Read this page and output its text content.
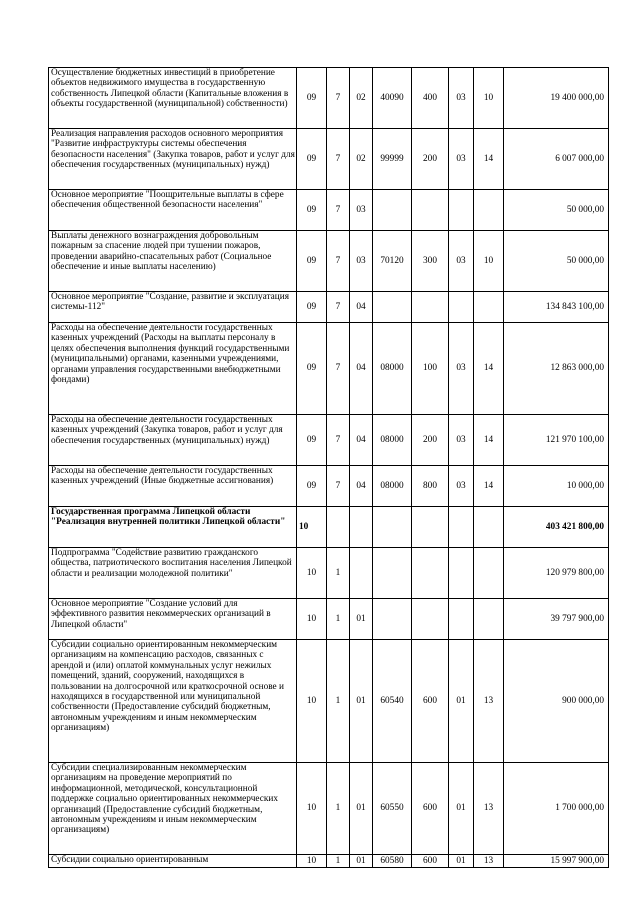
Осуществление бюджетных инвестиций в приобретение объектов недвижимого имущества в государственную собственность Липецкой области (Капитальные вложения в объекты государственной (муниципальной) собственности)	09	7	02	40090	400	03	10	19 400 000,00
Реализация направления расходов основного мероприятия "Развитие инфраструктуры системы обеспечения безопасности населения" (Закупка товаров, работ и услуг для обеспечения государственных (муниципальных) нужд)	09	7	02	99999	200	03	14	6 007 000,00
Основное мероприятие "Поощрительные выплаты в сфере обеспечения общественной безопасности населения"	09	7	03					50 000,00
Выплаты денежного вознаграждения добровольным пожарным за спасение людей при тушении пожаров, проведении аварийно-спасательных работ (Социальное обеспечение и иные выплаты населению)	09	7	03	70120	300	03	10	50 000,00
Основное мероприятие "Создание, развитие и эксплуатация системы-112"	09	7	04					134 843 100,00
Расходы на обеспечение деятельности государственных казенных учреждений (Расходы на выплаты персоналу в целях обеспечения выполнения функций государственными (муниципальными) органами, казенными учреждениями, органами управления государственными внебюджетными фондами)	09	7	04	08000	100	03	14	12 863 000,00
Расходы на обеспечение деятельности государственных казенных учреждений (Закупка товаров, работ и услуг для обеспечения государственных (муниципальных) нужд)	09	7	04	08000	200	03	14	121 970 100,00
Расходы на обеспечение деятельности государственных казенных учреждений (Иные бюджетные ассигнования)	09	7	04	08000	800	03	14	10 000,00
Государственная программа Липецкой области "Реализация внутренней политики Липецкой области"	10							403 421 800,00
Подпрограмма "Содействие развитию гражданского общества, патриотического воспитания населения Липецкой области и реализации молодежной политики"	10	1						120 979 800,00
Основное мероприятие "Создание условий для эффективного развития некоммерческих организаций в Липецкой области"	10	1	01					39 797 900,00
Субсидии социально ориентированным некоммерческим организациям на компенсацию расходов, связанных с арендой и (или) оплатой коммунальных услуг нежилых помещений, зданий, сооружений, находящихся в пользовании на долгосрочной или краткосрочной основе и находящихся в государственной или муниципальной собственности (Предоставление субсидий бюджетным, автономным учреждениям и иным некоммерческим организациям)	10	1	01	60540	600	01	13	900 000,00
Субсидии специализированным некоммерческим организациям на проведение мероприятий по информационной, методической, консультационной поддержке социально ориентированных некоммерческих организаций (Предоставление субсидий бюджетным, автономным учреждениям и иным некоммерческим организациям)	10	1	01	60550	600	01	13	1 700 000,00
Субсидии социально ориентированным	10	1	01	60580	600	01	13	15 997 900,00
